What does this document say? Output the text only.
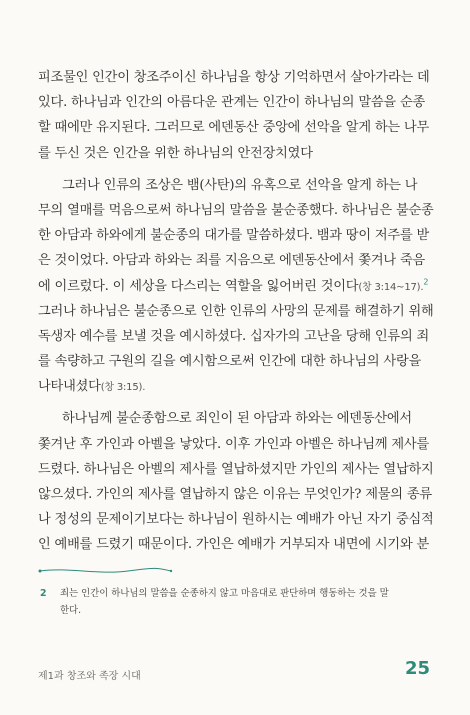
피조물인 인간이 창조주이신 하나님을 항상 기억하면서 살아가라는 데
있다. 하나님과 인간의 아름다운 관계는 인간이 하나님의 말씀을 순종
할 때에만 유지된다. 그러므로 에덴동산 중앙에 선악을 알게 하는 나무
를 두신 것은 인간을 위한 하나님의 안전장치였다
그러나 인류의 조상은 뱀(사탄)의 유혹으로 선악을 알게 하는 나
무의 열매를 먹음으로써 하나님의 말씀을 불순종했다. 하나님은 불순종
한 아담과 하와에게 불순종의 대가를 말씀하셨다. 뱀과 땅이 저주를 받
은 것이었다. 아담과 하와는 죄를 지음으로 에덴동산에서 쫓겨나 죽음
에 이르렀다. 이 세상을 다스리는 역할을 잃어버린 것이다(창 3:14~17).$^2$
그러나 하나님은 불순종으로 인한 인류의 사망의 문제를 해결하기 위해
독생자 예수를 보낼 것을 예시하셨다. 십자가의 고난을 당해 인류의 죄
를 속량하고 구원의 길을 예시함으로써 인간에 대한 하나님의 사랑을
나타내셨다(창 3:15).
하나님께 불순종함으로 죄인이 된 아담과 하와는 에덴동산에서
쫓겨난 후 가인과 아벨을 낳았다. 이후 가인과 아벨은 하나님께 제사를
드렸다. 하나님은 아벨의 제사를 열납하셨지만 가인의 제사는 열납하지
않으셨다. 가인의 제사를 열납하지 않은 이유는 무엇인가? 제물의 종류
나 정성의 문제이기보다는 하나님이 원하시는 예배가 아닌 자기 중심적
인 예배를 드렸기 때문이다. 가인은 예배가 거부되자 내면에 시기와 분
2 죄는 인간이 하나님의 말씀을 순종하지 않고 마음대로 판단하며 행동하는 것을 말
한다.
제1과 창조와 족장 시대	25
